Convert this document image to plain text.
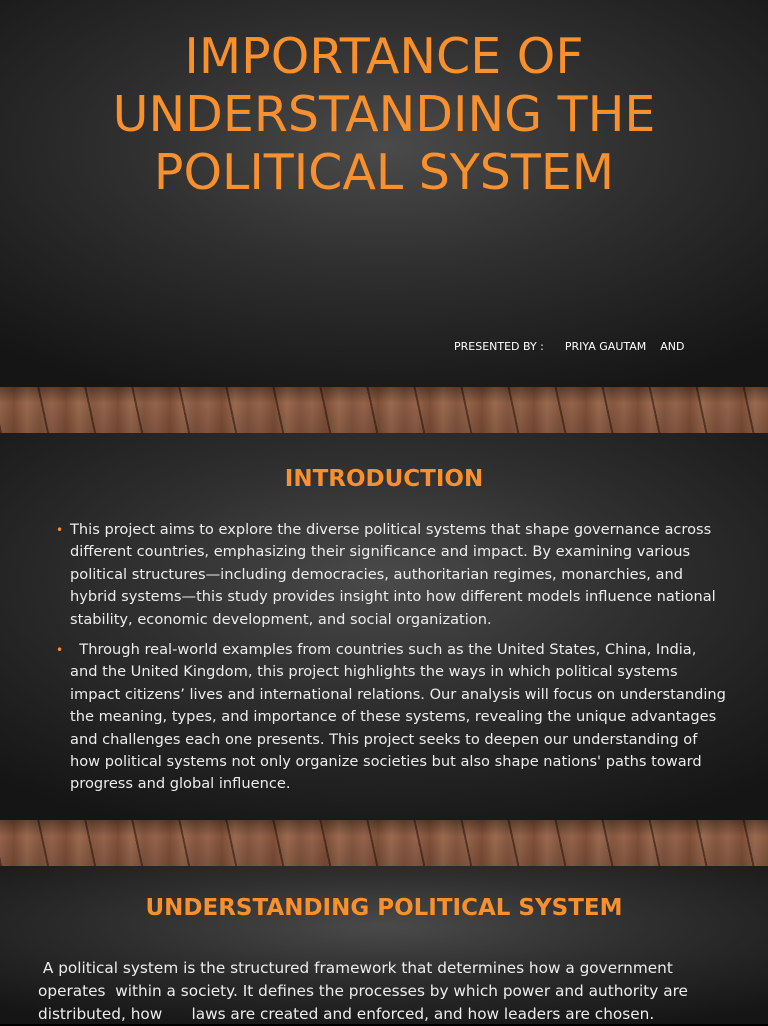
IMPORTANCE OF
UNDERSTANDING THE
POLITICAL SYSTEM

PRESENTED BY :      PRIYA GAUTAM    AND

INTRODUCTION
• This project aims to explore the diverse political systems that shape governance across different countries, emphasizing their significance and impact. By examining various political structures—including democracies, authoritarian regimes, monarchies, and hybrid systems—this study provides insight into how different models influence national stability, economic development, and social organization.
• Through real-world examples from countries such as the United States, China, India, and the United Kingdom, this project highlights the ways in which political systems impact citizens’ lives and international relations. Our analysis will focus on understanding the meaning, types, and importance of these systems, revealing the unique advantages and challenges each one presents. This project seeks to deepen our understanding of how political systems not only organize societies but also shape nations' paths toward progress and global influence.
UNDERSTANDING POLITICAL SYSTEM

A political system is the structured framework that determines how a government operates  within a society. It defines the processes by which power and authority are distributed, how      laws are created and enforced, and how leaders are chosen.
